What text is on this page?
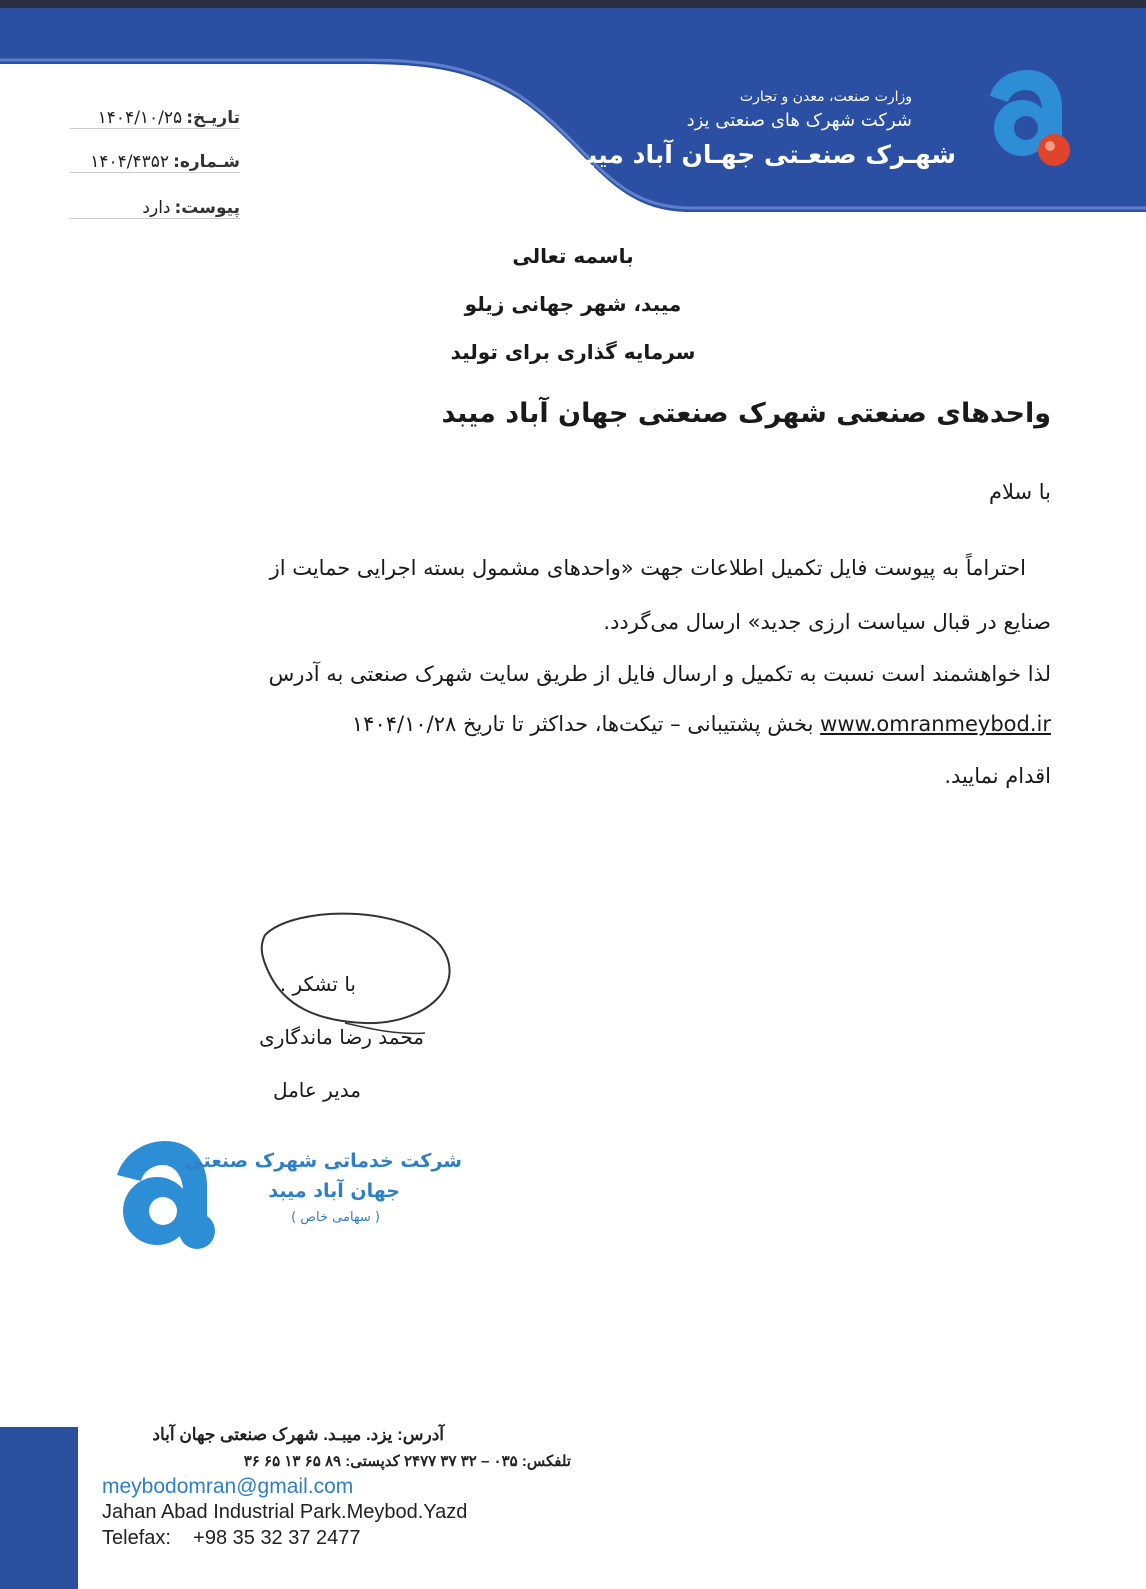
وزارت صنعت، معدن و تجارت
شرکت شهرک های صنعتی یزد
شهـرک صنعـتی جهـان آباد میبـد
تاریـخ:۱۴۰۴/۱۰/۲۵
شـماره:۱۴۰۴/۴۳۵۲
پیوست:دارد
باسمه تعالی
میبد، شهر جهانی زیلو
سرمایه گذاری برای تولید
واحدهای صنعتی شهرک صنعتی جهان آباد میبد
با سلام
احتراماً به پیوست فایل تکمیل اطلاعات جهت «واحدهای مشمول بسته اجرایی حمایت از
صنایع در قبال سیاست ارزی جدید» ارسال می‌گردد.
لذا خواهشمند است نسبت به تکمیل و ارسال فایل از طریق سایت شهرک صنعتی به آدرس
www.omranmeybod.ir بخش پشتیبانی – تیکت‌ها، حداکثر تا تاریخ ۱۴۰۴/۱۰/۲۸
اقدام نمایید.
با تشکر .
محمد رضا ماندگاری
مدیر عامل
شرکت خدماتی شهرک صنعتی
جهان آباد میبد
( سهامی خاص )
آدرس: یزد. میبـد. شهرک صنعتی جهان آباد
تلفکس: ۰۳۵ – ۳۲ ۳۷ ۲۴۷۷ کدپستی: ۸۹ ۶۵ ۱۳ ۶۵ ۳۶
meybodomran@gmail.com
Jahan Abad Industrial Park.Meybod.Yazd
Telefax:    +98 35 32 37 2477
